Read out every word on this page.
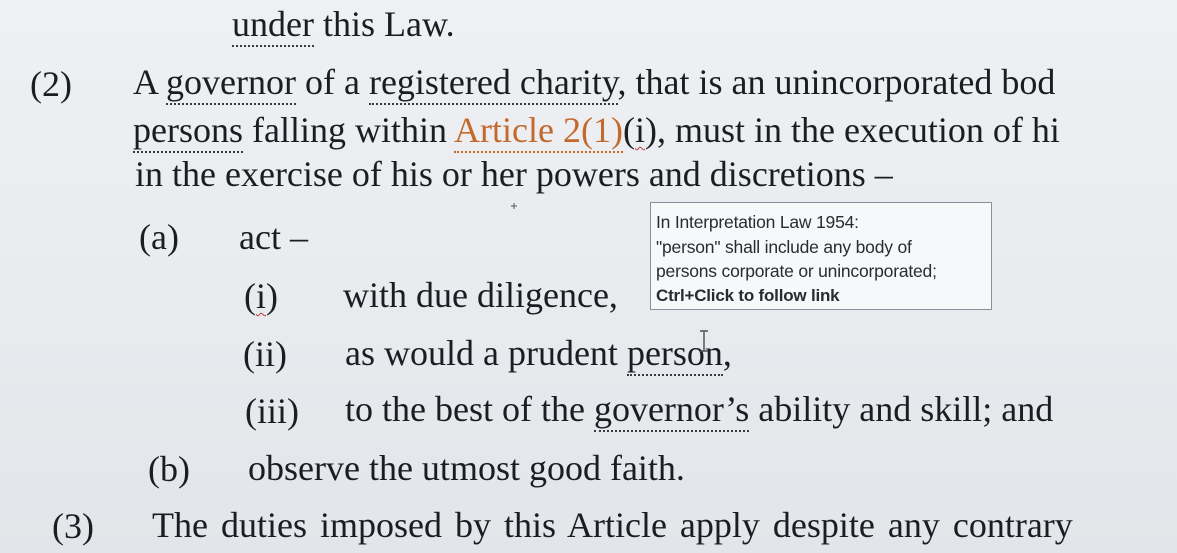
under this Law.
(2) A governor of a registered charity, that is an unincorporated bod
persons falling within Article 2(1)(i), must in the execution of hi
in the exercise of his or her powers and discretions –
(a) act –
(i) with due diligence,
(ii) as would a prudent person,
(iii) to the best of the governor’s ability and skill; and
(b) observe the utmost good faith.
(3) The duties imposed by this Article apply despite any contrary
In Interpretation Law 1954:
"person" shall include any body of
persons corporate or unincorporated;
Ctrl+Click to follow link
